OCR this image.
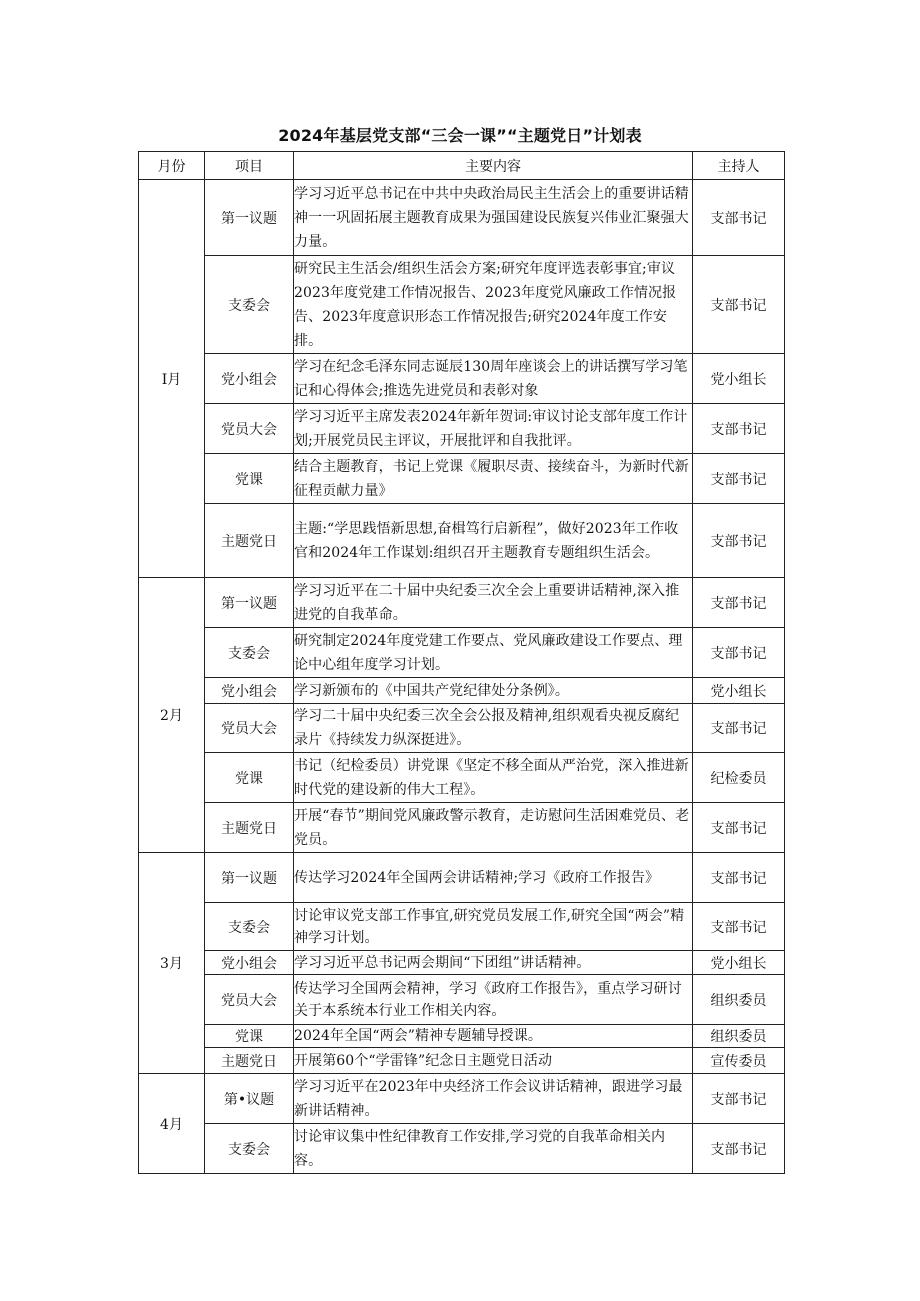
2024年基层党支部“三会一课”“主题党日”计划表
月份	项目	主要内容	主持人
I月	第一议题	学习习近平总书记在中共中央政治局民主生活会上的重要讲话精神一一巩固拓展主题教育成果为强国建设民族复兴伟业汇聚强大力量。	支部书记
	支委会	研究民主生活会/组织生活会方案;研究年度评选表彰事宜;审议2023年度党建工作情况报告、2023年度党风廉政工作情况报告、2023年度意识形态工作情况报告;研究2024年度工作安排。	支部书记
	党小组会	学习在纪念毛泽东同志诞辰130周年座谈会上的讲话撰写学习笔记和心得体会;推选先进党员和表彰对象	党小组长
	党员大会	学习习近平主席发表2024年新年贺词:审议讨论支部年度工作计划;开展党员民主评议，开展批评和自我批评。	支部书记
	党课	结合主题教育，书记上党课《履职尽责、接续奋斗，为新时代新征程贡献力量》	支部书记
	主题党日	主题:“学思践悟新思想,奋楫笃行启新程”，做好2023年工作收官和2024年工作谋划:组织召开主题教育专题组织生活会。	支部书记
2月	第一议题	学习习近平在二十届中央纪委三次全会上重要讲话精神,深入推进党的自我革命。	支部书记
	支委会	研究制定2024年度党建工作要点、党风廉政建设工作要点、理论中心组年度学习计划。	支部书记
	党小组会	学习新颁布的《中国共产党纪律处分条例》。	党小组长
	党员大会	学习二十届中央纪委三次全会公报及精神,组织观看央视反腐纪录片《持续发力纵深挺进》。	支部书记
	党课	书记（纪检委员）讲党课《坚定不移全面从严治党，深入推进新时代党的建设新的伟大工程》。	纪检委员
	主题党日	开展“春节”期间党风廉政警示教育，走访慰问生活困难党员、老党员。	支部书记
3月	第一议题	传达学习2024年全国两会讲话精神;学习《政府工作报告》	支部书记
	支委会	讨论审议党支部工作事宜,研究党员发展工作,研究全国“两会”精神学习计划。	支部书记
	党小组会	学习习近平总书记两会期间“下团组”讲话精神。	党小组长
	党员大会	传达学习全国两会精神，学习《政府工作报告》，重点学习研讨关于本系统本行业工作相关内容。	组织委员
	党课	2024年全国“两会”精神专题辅导授课。	组织委员
	主题党日	开展第60个“学雷锋”纪念日主题党日活动	宣传委员
4月	第•议题	学习习近平在2023年中央经济工作会议讲话精神，跟进学习最新讲话精神。	支部书记
	支委会	讨论审议集中性纪律教育工作安排,学习党的自我革命相关内容。	支部书记
